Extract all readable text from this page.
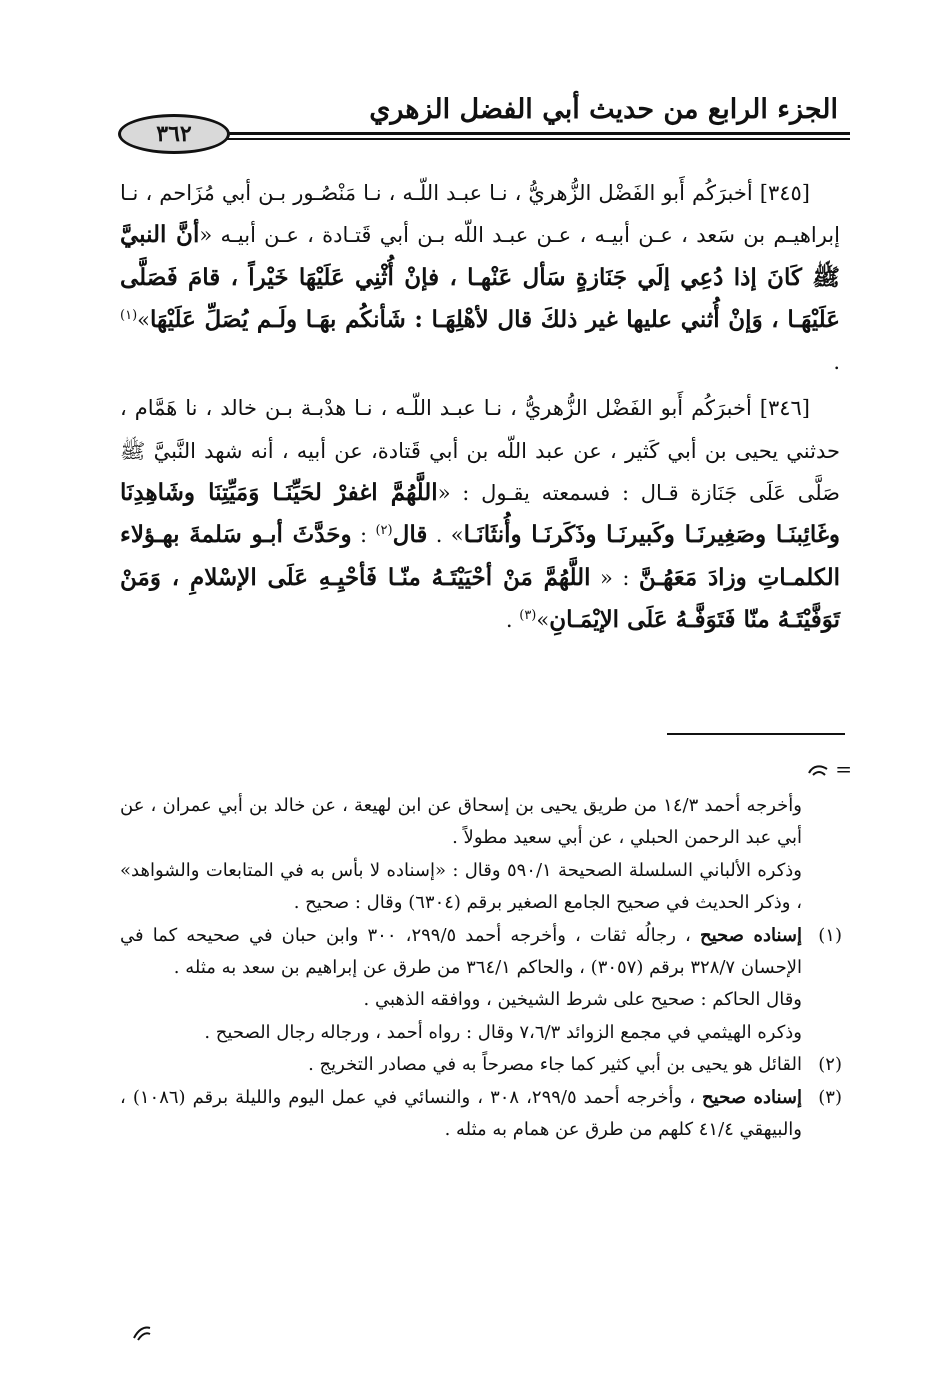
الجزء الرابع من حديث أبي الفضل الزهري
٣٦٢

[٣٤٥] أخبرَكُم أَبو الفَضْل الزُّهريُّ ، نـا عبـد اللّـه ، نـا مَنْصُـور بـن أبي مُزَاحم ، نـا إبراهيـم بن سَعد ، عـن أبيـه ، عـن عبـد اللّه بـن أبي قَتـادة ، عـن أبيـه «أنَّ النبيَّ ﷺ كَانَ إذا دُعِي إلَي جَنَازةٍ سَأل عَنْهـا ، فإنْ أُثْنِي عَلَيْهَا خَيْراً ، قامَ فَصَلَّى عَلَيْهَـا ، وَإنْ أُثني عليها غير ذلكَ قال لأهْلِهَـا : شَأنكُم بهَـا ولَـم يُصَلِّ عَلَيْهَا»$^{(١)}$ .

[٣٤٦] أخبرَكُم أَبو الفَضْل الزُّهريُّ ، نـا عبـد اللّـه ، نـا هدْبـة بـن خالد ، نا هَمَّام ، حدثني يحيى بن أبي كَثير ، عن عبد اللّه بن أبي قَتادة، عن أبيه ، أنه شهد النَّبيَّ ﷺ صَلَّى عَلَى جَنَازة قـال : فسمعته يقـول : «اللَّهُمَّ اغفرْ لحَيِّنَـا وَمَيِّتِنَا وشَاهِدِنَا وغَائِبنَـا وصَغِيرنَـا وكَبيرنَـا وذَكَرنَـا وأُنثَانَـا» . قال$^{(٢)}$ : وحَدَّثَ أبـو سَلمةَ بهـؤلاء الكلمـاتِ وزادَ مَعَهُـنَّ : « اللَّهُمَّ مَنْ أحْيَيْتَـهُ منّـا فَأحْيِـهِ عَلَى الإسْلامِ ، وَمَنْ تَوَفَّيْتَـهُ منّا فَتَوَفَّـهُ عَلَى الإيْمَـانِ»$^{(٣)}$ .

=

وأخرجه أحمد ١٤/٣ من طريق يحيى بن إسحاق عن ابن لهيعة ، عن خالد بن أبي عمران ، عن أبي عبد الرحمن الحبلي ، عن أبي سعيد مطولاً .

وذكره الألباني السلسلة الصحيحة ٥٩٠/١ وقال : «إسناده لا بأس به في المتابعات والشواهد» ، وذكر الحديث في صحيح الجامع الصغير برقم (٦٣٠٤) وقال : صحيح .

(١)

إسناده صحيح ، رجالُه ثقات ، وأخرجه أحمد ٢٩٩/٥، ٣٠٠ وابن حبان في صحيحه كما في الإحسان ٣٢٨/٧ برقم (٣٠٥٧) ، والحاكم ٣٦٤/١ من طرق عن إبراهيم بن سعد به مثله .

وقال الحاكم : صحيح على شرط الشيخين ، ووافقه الذهبي .

وذكره الهيثمي في مجمع الزوائد ٧،٦/٣ وقال : رواه أحمد ، ورجاله رجال الصحيح .

(٢)

القائل هو يحيى بن أبي كثير كما جاء مصرحاً به في مصادر التخريج .

(٣)

إسناده صحيح ، وأخرجه أحمد ٢٩٩/٥، ٣٠٨ ، والنسائي في عمل اليوم والليلة برقم (١٠٨٦) ، والبيهقي ٤١/٤ كلهم من طرق عن همام به مثله .
